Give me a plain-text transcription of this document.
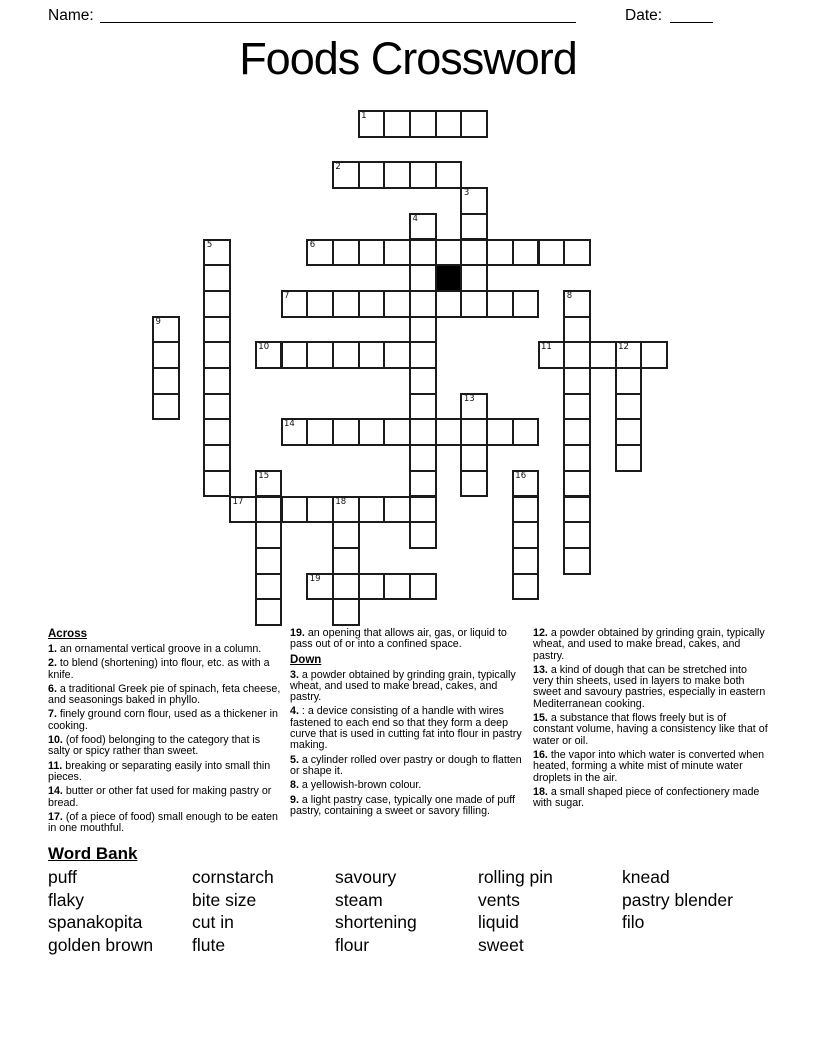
Name:	Date:
Foods Crossword
1
2
3
4
5	6
7	8
9
10	11	12
13
14
15	16
17	18
19
Across

1. an ornamental vertical groove in a column.

2. to blend (shortening) into flour, etc. as with a knife.

6. a traditional Greek pie of spinach, feta cheese, and seasonings baked in phyllo.

7. finely ground corn flour, used as a thickener in cooking.

10. (of food) belonging to the category that is salty or spicy rather than sweet.

11. breaking or separating easily into small thin pieces.

14. butter or other fat used for making pastry or bread.

17. (of a piece of food) small enough to be eaten in one mouthful.

19. an opening that allows air, gas, or liquid to pass out of or into a confined space.

Down

3. a powder obtained by grinding grain, typically wheat, and used to make bread, cakes, and pastry.

4. : a device consisting of a handle with wires fastened to each end so that they form a deep curve that is used in cutting fat into flour in pastry making.

5. a cylinder rolled over pastry or dough to flatten or shape it.

8. a yellowish-brown colour.

9. a light pastry case, typically one made of puff pastry, containing a sweet or savory filling.

12. a powder obtained by grinding grain, typically wheat, and used to make bread, cakes, and pastry.

13. a kind of dough that can be stretched into very thin sheets, used in layers to make both sweet and savoury pastries, especially in eastern Mediterranean cooking.

15. a substance that flows freely but is of constant volume, having a consistency like that of water or oil.

16. the vapor into which water is converted when heated, forming a white mist of minute water droplets in the air.

18. a small shaped piece of confectionery made with sugar.

Word Bank
puff
flaky
spanakopita
golden brown
cornstarch
bite size
cut in
flute
savoury
steam
shortening
flour
rolling pin
vents
liquid
sweet
knead
pastry blender
filo
